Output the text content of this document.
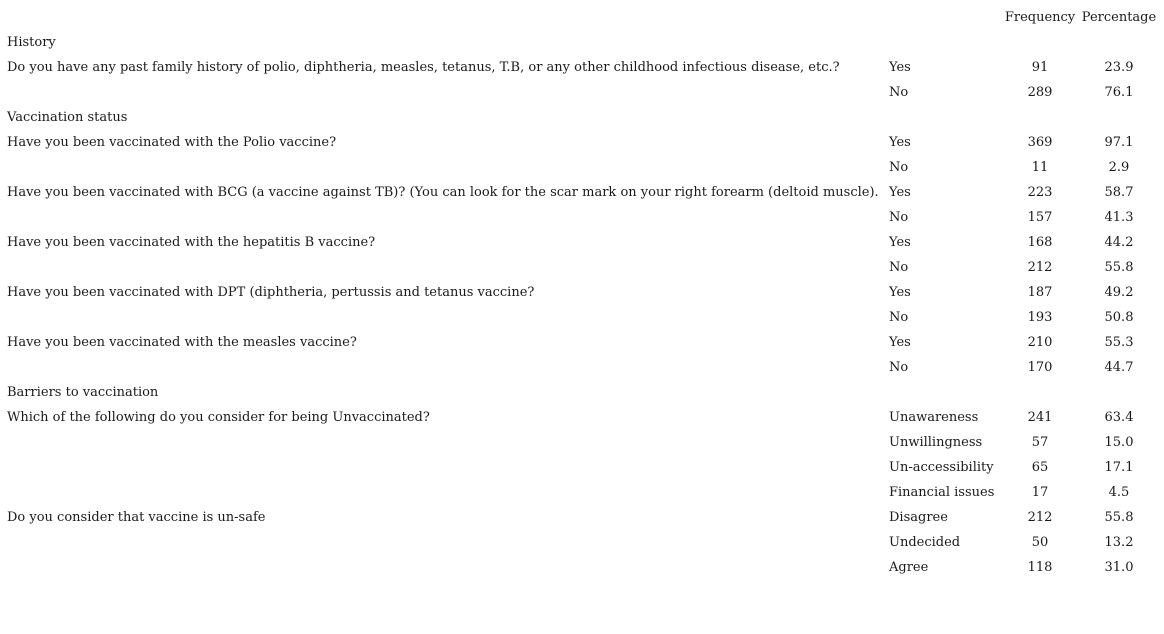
Frequency Percentage
History
Do you have any past family history of polio, diphtheria, measles, tetanus, T.B, or any other childhood infectious disease, etc.?	Yes	91	23.9
No	289	76.1
Vaccination status
Have you been vaccinated with the Polio vaccine?	Yes	369	97.1
No	11	2.9
Have you been vaccinated with BCG (a vaccine against TB)? (You can look for the scar mark on your right forearm (deltoid muscle). Yes	223	58.7
No	157	41.3
Have you been vaccinated with the hepatitis B vaccine?	Yes	168	44.2
No	212	55.8
Have you been vaccinated with DPT (diphtheria, pertussis and tetanus vaccine?	Yes	187	49.2
No	193	50.8
Have you been vaccinated with the measles vaccine?	Yes	210	55.3
No	170	44.7
Barriers to vaccination
Which of the following do you consider for being Unvaccinated?	Unawareness	241	63.4
Unwillingness	57	15.0
Un-accessibility	65	17.1
Financial issues	17	4.5
Do you consider that vaccine is un-safe	Disagree	212	55.8
Undecided	50	13.2
Agree	118	31.0
